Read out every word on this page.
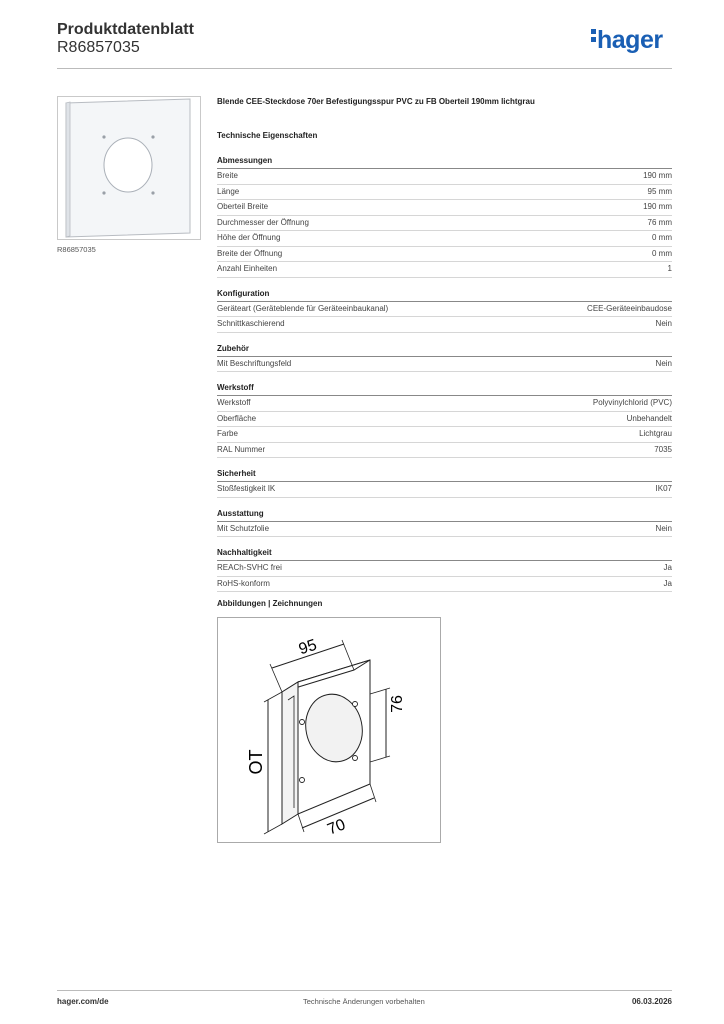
Produktdatenblatt
R86857035	hager
R86857035
Blende CEE-Steckdose 70er Befestigungsspur PVC zu FB Oberteil 190mm lichtgrau
Technische Eigenschaften
Abmessungen
Breite	190 mm
Länge	95 mm
Oberteil Breite	190 mm
Durchmesser der Öffnung	76 mm
Höhe der Öffnung	0 mm
Breite der Öffnung	0 mm
Anzahl Einheiten	1
Konfiguration
Geräteart (Geräteblende für Geräteeinbaukanal)	CEE-Geräteeinbaudose
Schnittkaschierend	Nein
Zubehör
Mit Beschriftungsfeld	Nein
Werkstoff
Werkstoff	Polyvinylchlorid (PVC)
Oberfläche	Unbehandelt
Farbe	Lichtgrau
RAL Nummer	7035
Sicherheit
Stoßfestigkeit IK	IK07
Ausstattung
Mit Schutzfolie	Nein
Nachhaltigkeit
REACh-SVHC frei	Ja
RoHS-konform	Ja
Abbildungen | Zeichnungen
95
76
OT
70
hager.com/de	Technische Änderungen vorbehalten	06.03.2026
